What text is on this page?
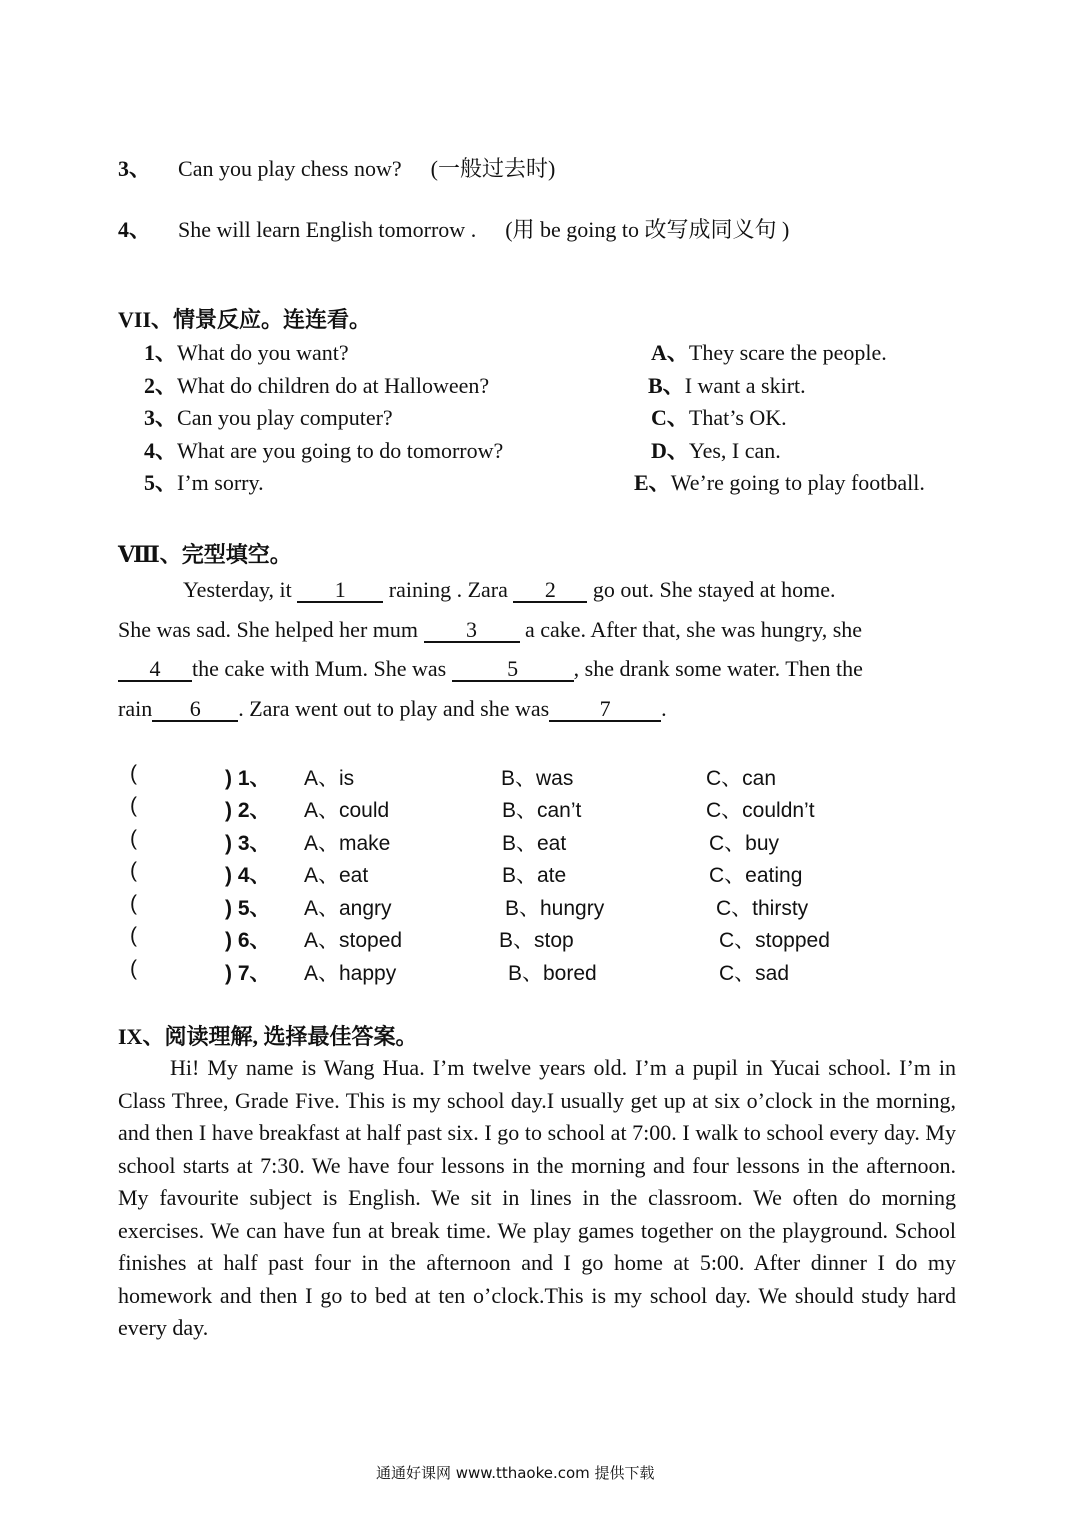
3、 Can you play chess now? (一般过去时)
4、 She will learn English tomorrow . (用 be going to 改写成同义句 )
VII、情景反应。连连看。
1、What do you want?
2、What do children do at Halloween?
3、Can you play computer?
4、What are you going to do tomorrow?
5、I’m sorry.
A、They scare the people.
B、I want a skirt.
C、That’s OK.
D、Yes, I can.
E、We’re going to play football.
Ⅷ、完型填空。
Yesterday, it 1 raining . Zara 2 go out. She stayed at home.
She was sad. She helped her mum 3 a cake. After that, she was hungry, she
4 the cake with Mum. She was	5	, she drank some water. Then the
rain 6 . Zara went out to play and she was 7 .
(	) 1、 A、is	B、was	C、can
(	) 2、 A、could	B、can’t	C、couldn’t
(	) 3、 A、make	B、eat	C、buy
(	) 4、 A、eat	B、ate	C、eating
(	) 5、 A、angry	B、hungry	C、thirsty
(	) 6、 A、stoped	B、stop	C、stopped
(	) 7、 A、happy	B、bored	C、sad
IX、阅读理解, 选择最佳答案。
Hi! My name is Wang Hua. I’m twelve years old. I’m a pupil in Yucai school. I’m in Class Three, Grade Five. This is my school day.I usually get up at six o’clock in the morning, and then I have breakfast at half past six. I go to school at 7:00. I walk to school every day. My school starts at 7:30. We have four lessons in the morning and four lessons in the afternoon. My favourite subject is English. We sit in lines in the classroom. We often do morning exercises. We can have fun at break time. We play games together on the playground. School finishes at half past four in the afternoon and I go home at 5:00. After dinner I do my homework and then I go to bed at ten o’clock.This is my school day. We should study hard every day.
通通好课网 www.tthaoke.com 提供下载
